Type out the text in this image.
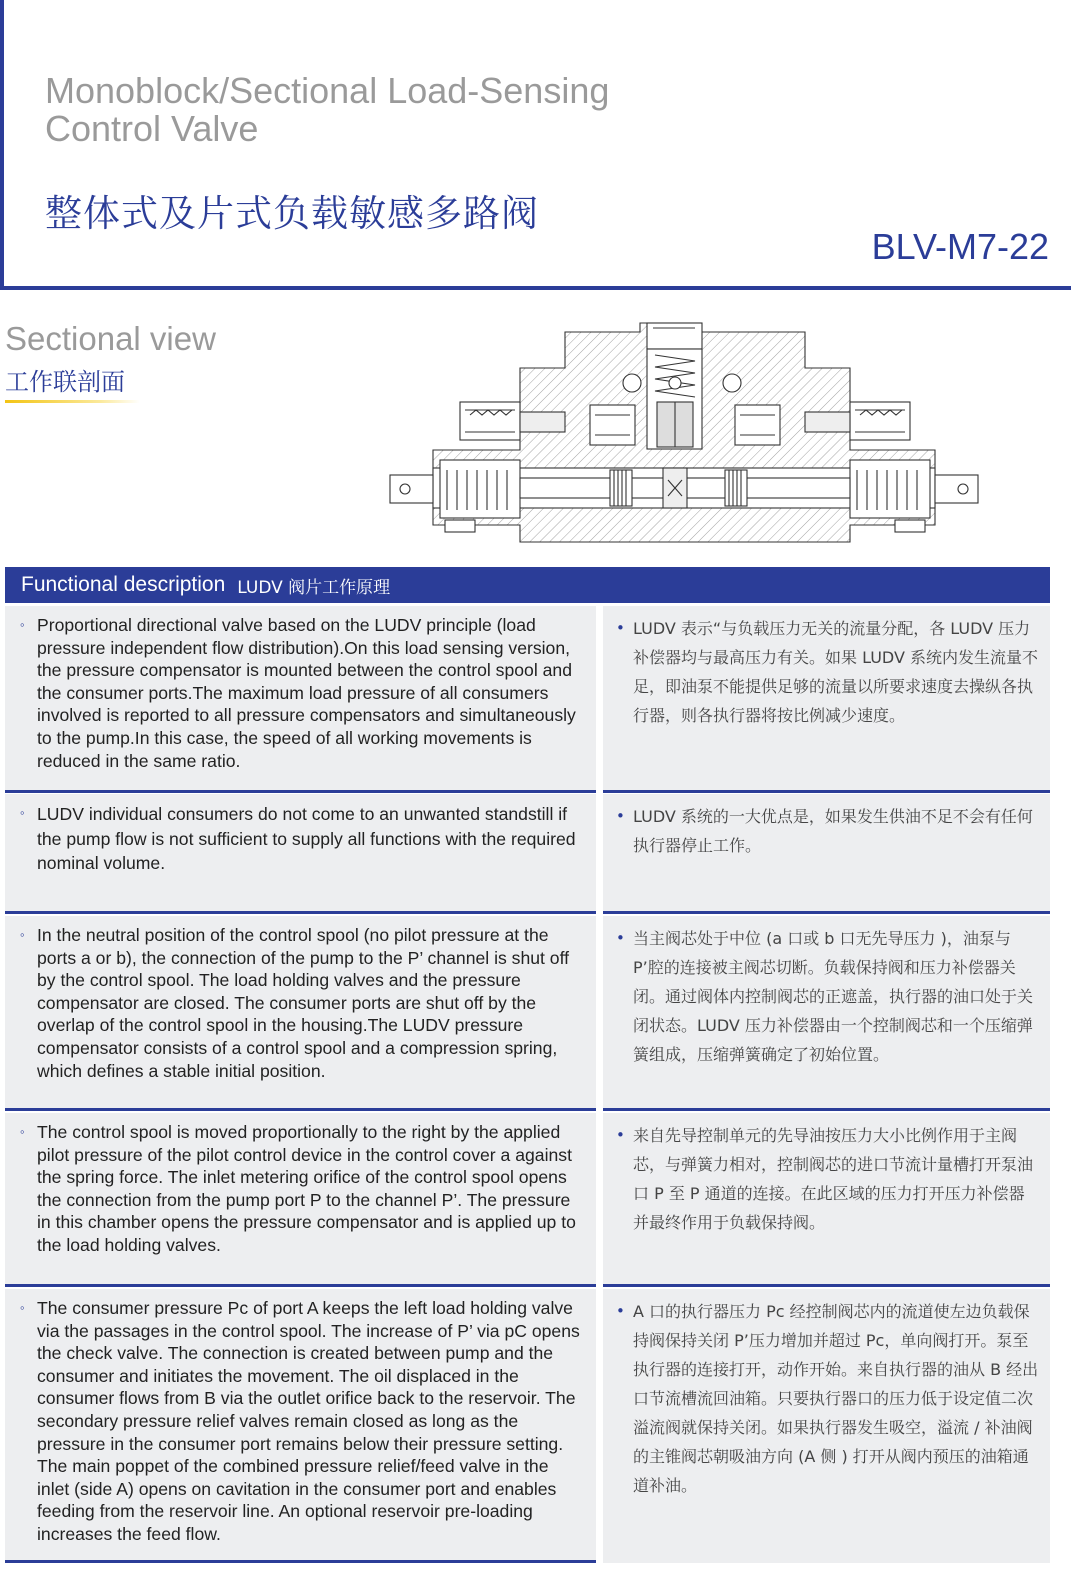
Monoblock/Sectional Load-Sensing
Control Valve
整体式及片式负载敏感多路阀
BLV-M7-22
Sectional view
工作联剖面
Functional description LUDV 阀片工作原理
◦ Proportional directional valve based on the LUDV principle (load pressure independent flow distribution).On this load sensing version, the pressure compensator is mounted between the control spool and the consumer ports.The maximum load pressure of all consumers involved is reported to all pressure compensators and simultaneously to the pump.In this case, the speed of all working movements is reduced in the same ratio.
• LUDV 表示“与负载压力无关的流量分配，各 LUDV 压力补偿器均与最高压力有关。如果 LUDV 系统内发生流量不足，即油泵不能提供足够的流量以所要求速度去操纵各执行器，则各执行器将按比例减少速度。
◦ LUDV individual consumers do not come to an unwanted standstill if the pump flow is not sufficient to supply all functions with the required nominal volume.
• LUDV 系统的一大优点是，如果发生供油不足不会有任何执行器停止工作。
◦ In the neutral position of the control spool (no pilot pressure at the ports a or b), the connection of the pump to the P’ channel is shut off by the control spool. The load holding valves and the pressure compensator are closed. The consumer ports are shut off by the overlap of the control spool in the housing.The LUDV pressure compensator consists of a control spool and a compression spring, which defines a stable initial position.
• 当主阀芯处于中位 (a 口或 b 口无先导压力 )，油泵与 P’腔的连接被主阀芯切断。负载保持阀和压力补偿器关闭。通过阀体内控制阀芯的正遮盖，执行器的油口处于关闭状态。LUDV 压力补偿器由一个控制阀芯和一个压缩弹簧组成，压缩弹簧确定了初始位置。
◦ The control spool is moved proportionally to the right by the applied pilot pressure of the pilot control device in the control cover a against the spring force. The inlet metering orifice of the control spool opens the connection from the pump port P to the channel P’. The pressure in this chamber opens the pressure compensator and is applied up to the load holding valves.
• 来自先导控制单元的先导油按压力大小比例作用于主阀芯，与弹簧力相对，控制阀芯的进口节流计量槽打开泵油口 P 至 P 通道的连接。在此区域的压力打开压力补偿器并最终作用于负载保持阀。
◦ The consumer pressure Pc of port A keeps the left load holding valve via the passages in the control spool. The increase of P’ via pC opens the check valve. The connection is created between pump and the consumer and initiates the movement. The oil displaced in the consumer flows from B via the outlet orifice back to the reservoir. The secondary pressure relief valves remain closed as long as the pressure in the consumer port remains below their pressure setting. The main poppet of the combined pressure relief/feed valve in the inlet (side A) opens on cavitation in the consumer port and enables feeding from the reservoir line. An optional reservoir pre-loading increases the feed flow.
• A 口的执行器压力 Pc 经控制阀芯内的流道使左边负载保持阀保持关闭 P’压力增加并超过 Pc，单向阀打开。泵至执行器的连接打开，动作开始。来自执行器的油从 B 经出口节流槽流回油箱。只要执行器口的压力低于设定值二次溢流阀就保持关闭。如果执行器发生吸空，溢流 / 补油阀的主锥阀芯朝吸油方向 (A 侧 ) 打开从阀内预压的油箱通道补油。
